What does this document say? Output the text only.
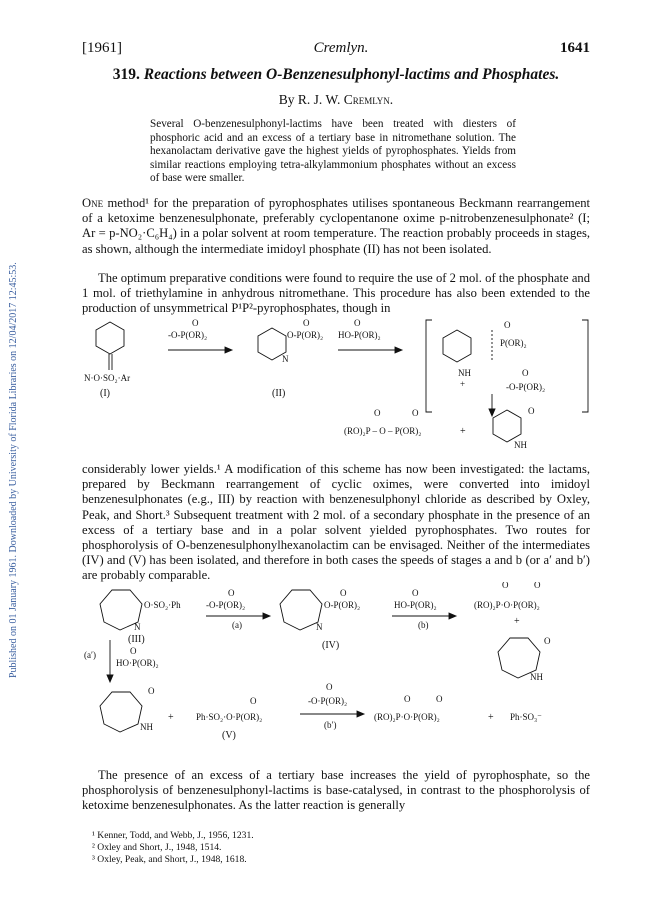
Published on 01 January 1961. Downloaded by University of Florida Libraries on 12/04/2017 12:45:53.
[1961]	Cremlyn.	1641
319. Reactions between O-Benzenesulphonyl-lactims and Phosphates.
By R. J. W. Cremlyn.
Several O-benzenesulphonyl-lactims have been treated with diesters of phosphoric acid and an excess of a tertiary base in nitromethane solution. The hexanolactam derivative gave the highest yields of pyrophosphates. Yields from similar reactions employing tetra-alkylammonium phosphates without an excess of base were smaller.
One method¹ for the preparation of pyrophosphates utilises spontaneous Beckmann rearrangement of a ketoxime benzenesulphonate, preferably cyclopentanone oxime p-nitrobenzenesulphonate² (I; Ar = p-NO₂·C₆H₄) in a polar solvent at room temperature. The reaction probably proceeds in stages, as shown, although the intermediate imidoyl phosphate (II) has not been isolated.
The optimum preparative conditions were found to require the use of 2 mol. of the phosphate and 1 mol. of triethylamine in anhydrous nitromethane. This procedure has also been extended to the production of unsymmetrical P¹P²-pyrophosphates, though in
N·O·SO₂·Ar
(I)
O
-O-P(OR)₂
O
O-P(OR)₂
N
(II)
O
HO-P(OR)₂
O
P(OR)₂
NH
+
O
-O-P(OR)₂
O	O
(RO)₂P – O – P(OR)₂	+
O
NH
considerably lower yields.¹ A modification of this scheme has now been investigated: the lactams, prepared by Beckmann rearrangement of cyclic oximes, were converted into imidoyl benzenesulphonates (e.g., III) by reaction with benzenesulphonyl chloride as described by Oxley, Peak, and Short.³ Subsequent treatment with 2 mol. of a secondary phosphate in the presence of an excess of a tertiary base and in a polar solvent yielded pyrophosphates. Two routes for phosphorolysis of O-benzenesulphonylhexanolactim can be envisaged. Neither of the intermediates (IV) and (V) has been isolated, and therefore in both cases the speeds of stages a and b (or a′ and b′) are probably comparable.
O·SO₂·Ph
N
(III)
O
-O-P(OR)₂
(a)
O
O-P(OR)₂
N
(IV)
O
HO-P(OR)₂
(b)
O	O
(RO)₂P·O·P(OR)₂
+
O
NH
(a′)	O
HO·P(OR)₂
O
NH
+
O
Ph·SO₂·O·P(OR)₂
(V)
O
-O·P(OR)₂
(b′)
O	O
(RO)₂P·O·P(OR)₂	+ Ph·SO₃⁻
The presence of an excess of a tertiary base increases the yield of pyrophosphate, so the phosphorolysis of benzenesulphonyl-lactims is base-catalysed, in contrast to the phosphorolysis of ketoxime benzenesulphonates. As the latter reaction is generally
¹ Kenner, Todd, and Webb, J., 1956, 1231.
² Oxley and Short, J., 1948, 1514.
³ Oxley, Peak, and Short, J., 1948, 1618.
